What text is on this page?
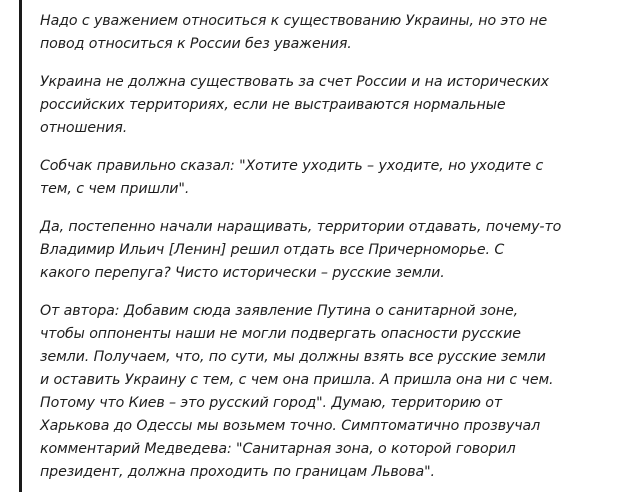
Надо с уважением относиться к существованию Украины, но это не
повод относиться к России без уважения.

Украина не должна существовать за счет России и на исторических
российских территориях, если не выстраиваются нормальные
отношения.

Собчак правильно сказал: "Хотите уходить – уходите, но уходите с
тем, с чем пришли".

Да, постепенно начали наращивать, территории отдавать, почему-то
Владимир Ильич [Ленин] решил отдать все Причерноморье. С
какого перепуга? Чисто исторически – русские земли.

От автора: Добавим сюда заявление Путина о санитарной зоне,
чтобы оппоненты наши не могли подвергать опасности русские
земли. Получаем, что, по сути, мы должны взять все русские земли
и оставить Украину с тем, с чем она пришла. А пришла она ни с чем.
Потому что Киев – это русский город". Думаю, территорию от
Харькова до Одессы мы возьмем точно. Симптоматично прозвучал
комментарий Медведева: "Санитарная зона, о которой говорил
президент, должна проходить по границам Львова".
